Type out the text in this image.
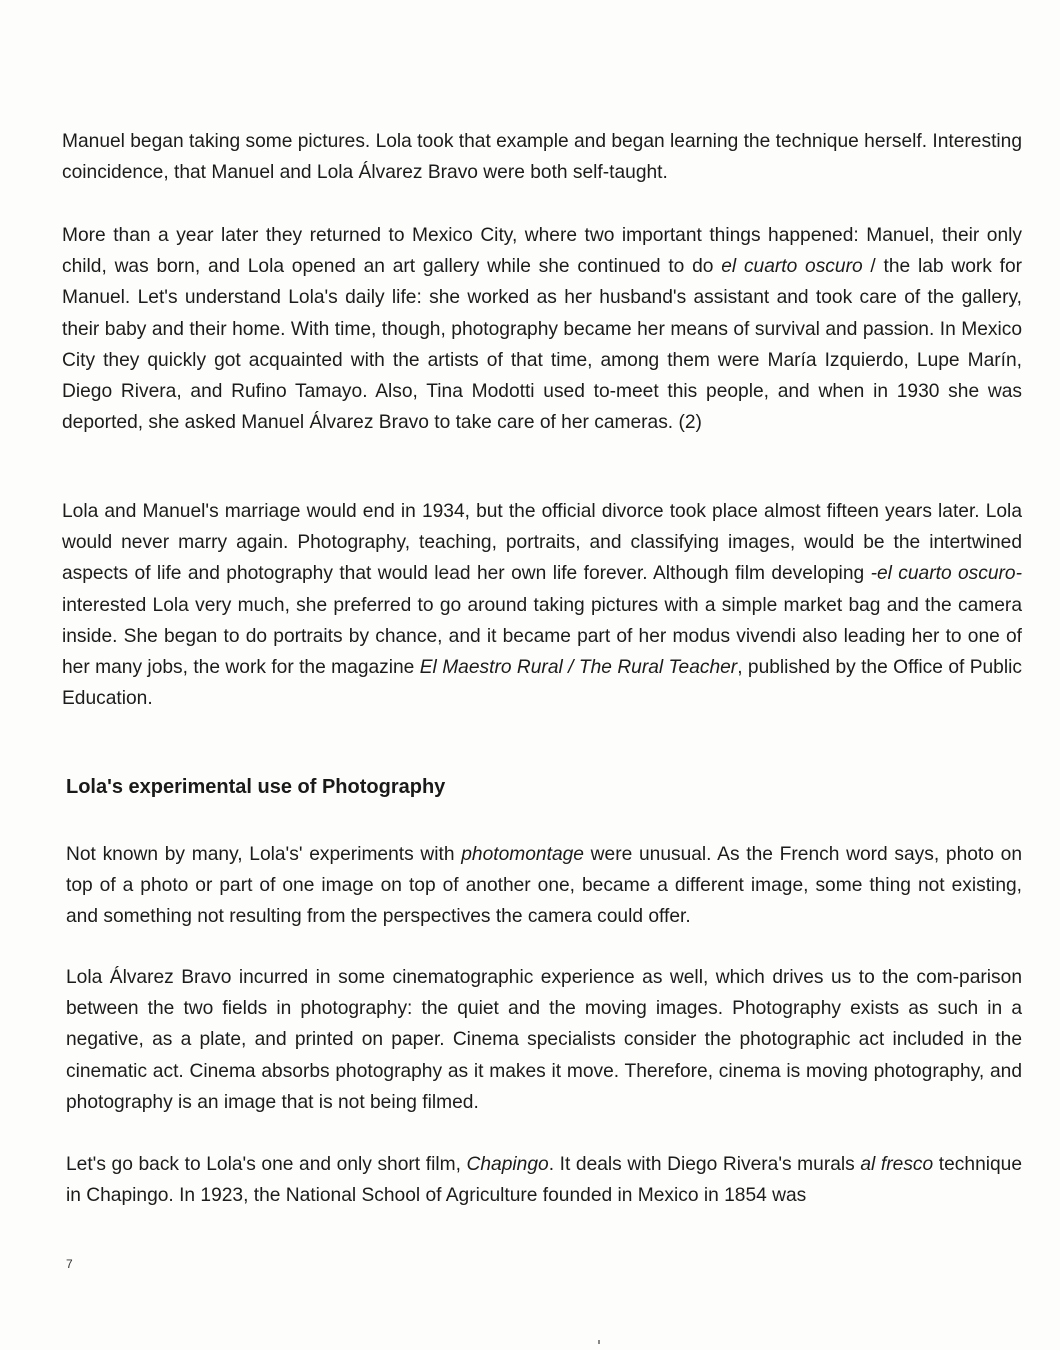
Manuel began taking some pictures. Lola took that example and began learning the technique herself. Interesting coincidence, that Manuel and Lola Álvarez Bravo were both self-taught.

More than a year later they returned to Mexico City, where two important things happened: Manuel, their only child, was born, and Lola opened an art gallery while she continued to do el cuarto oscuro / the lab work for Manuel. Let's understand Lola's daily life: she worked as her husband's assistant and took care of the gallery, their baby and their home. With time, though, photography became her means of survival and passion. In Mexico City they quickly got acquainted with the artists of that time, among them were María Izquierdo, Lupe Marín, Diego Rivera, and Rufino Tamayo. Also, Tina Modotti used to-meet this people, and when in 1930 she was deported, she asked Manuel Álvarez Bravo to take care of her cameras. (2)

Lola and Manuel's marriage would end in 1934, but the official divorce took place almost fifteen years later. Lola would never marry again. Photography, teaching, portraits, and classifying images, would be the intertwined aspects of life and photography that would lead her own life forever. Although film developing -el cuarto oscuro- interested Lola very much, she preferred to go around taking pictures with a simple market bag and the camera inside. She began to do portraits by chance, and it became part of her modus vivendi also leading her to one of her many jobs, the work for the magazine El Maestro Rural / The Rural Teacher, published by the Office of Public Education.

Lola's experimental use of Photography

Not known by many, Lola's' experiments with photomontage were unusual. As the French word says, photo on top of a photo or part of one image on top of another one, became a different image, some thing not existing, and something not resulting from the perspectives the camera could offer.

Lola Álvarez Bravo incurred in some cinematographic experience as well, which drives us to the com-parison between the two fields in photography: the quiet and the moving images. Photography exists as such in a negative, as a plate, and printed on paper. Cinema specialists consider the photographic act included in the cinematic act. Cinema absorbs photography as it makes it move. Therefore, cinema is moving photography, and photography is an image that is not being filmed.

Let's go back to Lola's one and only short film, Chapingo. It deals with Diego Rivera's murals al fresco technique in Chapingo. In 1923, the National School of Agriculture founded in Mexico in 1854 was

7
